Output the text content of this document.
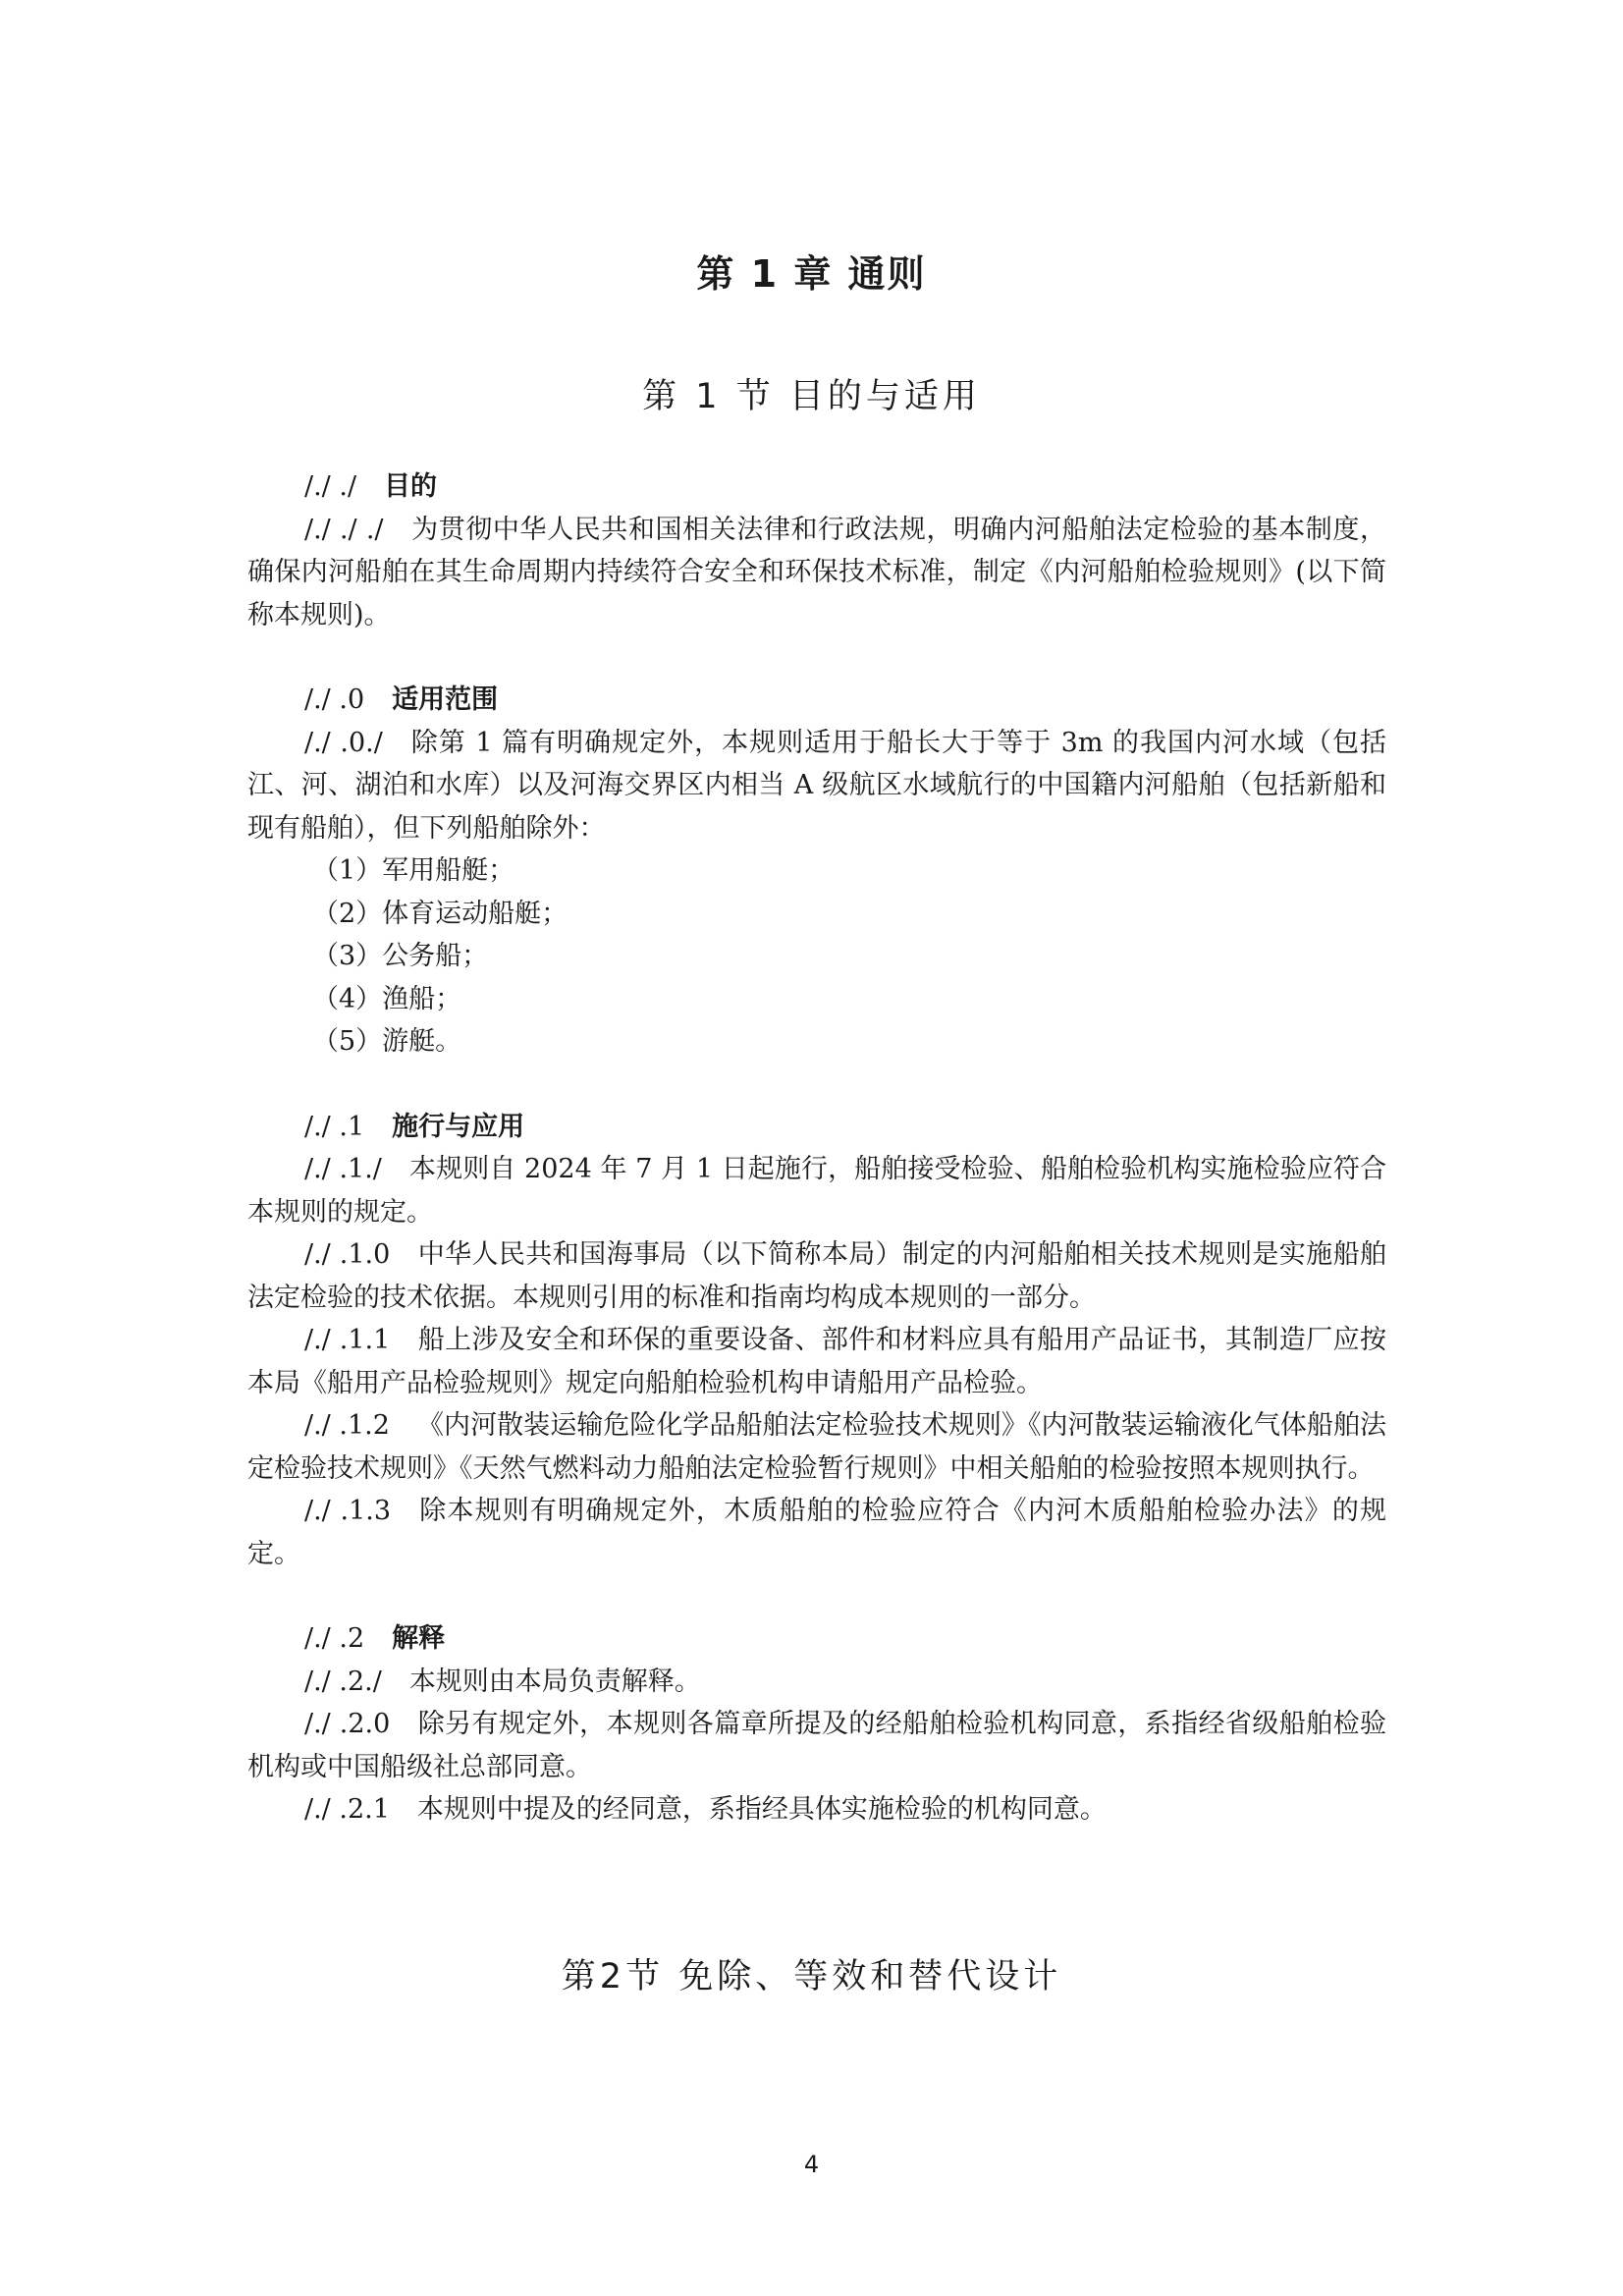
第 1 章 通则
第 1 节 目的与适用
/./ ./ 目的
/./ ./ ./ 为贯彻中华人民共和国相关法律和行政法规，明确内河船舶法定检验的基本制度，确保内河船舶在其生命周期内持续符合安全和环保技术标准，制定《内河船舶检验规则》(以下简称本规则)。
/./ .0 适用范围
/./ .0./ 除第 1 篇有明确规定外，本规则适用于船长大于等于 3m 的我国内河水域（包括江、河、湖泊和水库）以及河海交界区内相当 A 级航区水域航行的中国籍内河船舶（包括新船和现有船舶），但下列船舶除外：
（1）军用船艇；
（2）体育运动船艇；
（3）公务船；
（4）渔船；
（5）游艇。
/./ .1 施行与应用
/./ .1./ 本规则自 2024 年 7 月 1 日起施行，船舶接受检验、船舶检验机构实施检验应符合本规则的规定。
/./ .1.0 中华人民共和国海事局（以下简称本局）制定的内河船舶相关技术规则是实施船舶法定检验的技术依据。本规则引用的标准和指南均构成本规则的一部分。
/./ .1.1 船上涉及安全和环保的重要设备、部件和材料应具有船用产品证书，其制造厂应按本局《船用产品检验规则》规定向船舶检验机构申请船用产品检验。
/./ .1.2 《内河散装运输危险化学品船舶法定检验技术规则》《内河散装运输液化气体船舶法定检验技术规则》《天然气燃料动力船舶法定检验暂行规则》中相关船舶的检验按照本规则执行。
/./ .1.3 除本规则有明确规定外，木质船舶的检验应符合《内河木质船舶检验办法》的规定。
/./ .2 解释
/./ .2./ 本规则由本局负责解释。
/./ .2.0 除另有规定外，本规则各篇章所提及的经船舶检验机构同意，系指经省级船舶检验机构或中国船级社总部同意。
/./ .2.1 本规则中提及的经同意，系指经具体实施检验的机构同意。
第2节 免除、等效和替代设计
4
